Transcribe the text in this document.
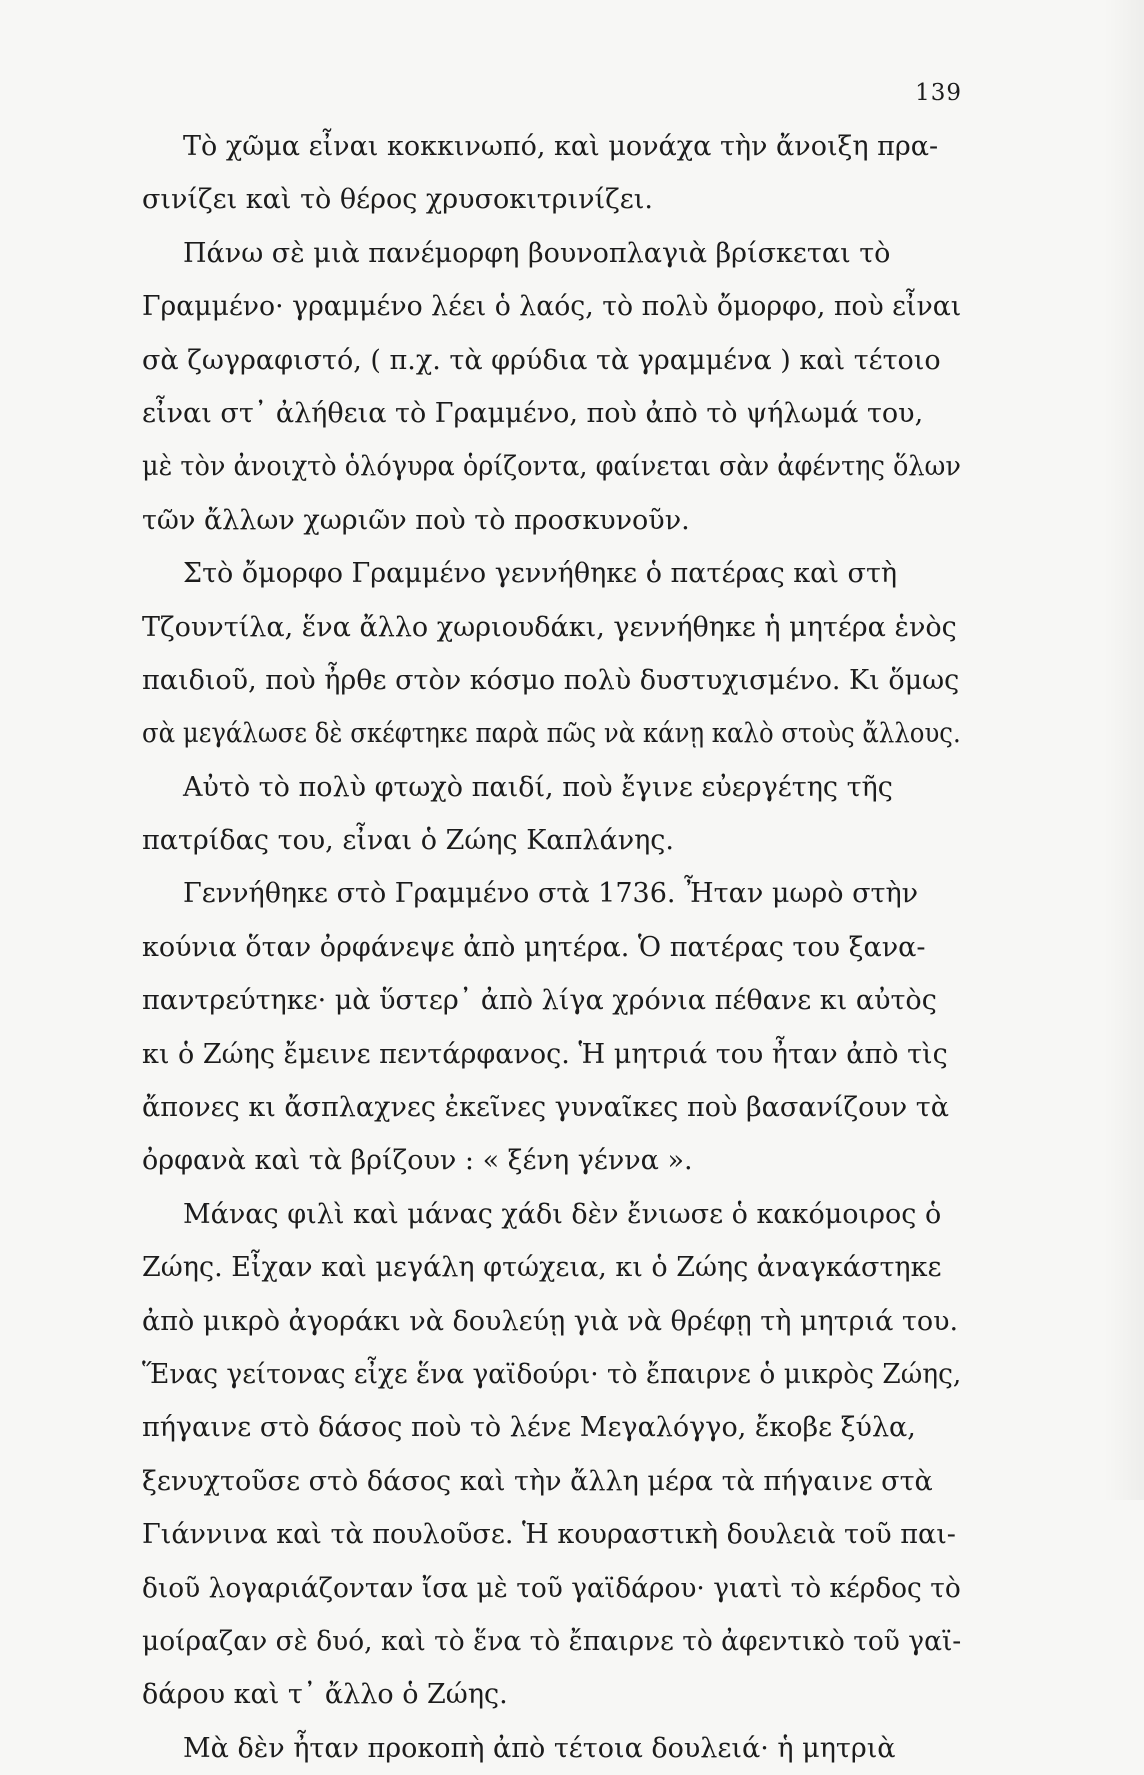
139
Τὸ χῶμα εἶναι κοκκινωπό, καὶ μονάχα τὴν ἄνοιξη πρα-
σινίζει καὶ τὸ θέρος χρυσοκιτρινίζει.
Πάνω σὲ μιὰ πανέμορφη βουνοπλαγιὰ βρίσκεται τὸ
Γραμμένο· γραμμένο λέει ὁ λαός, τὸ πολὺ ὄμορφο, ποὺ εἶναι
σὰ ζωγραφιστό, ( π.χ. τὰ φρύδια τὰ γραμμένα ) καὶ τέτοιο
εἶναι στ᾽ ἀλήθεια τὸ Γραμμένο, ποὺ ἀπὸ τὸ ψήλωμά του,
μὲ τὸν ἀνοιχτὸ ὁλόγυρα ὁρίζοντα, φαίνεται σὰν ἀφέντης ὅλων
τῶν ἄλλων χωριῶν ποὺ τὸ προσκυνοῦν.
Στὸ ὄμορφο Γραμμένο γεννήθηκε ὁ πατέρας καὶ στὴ
Τζουντίλα, ἕνα ἄλλο χωριουδάκι, γεννήθηκε ἡ μητέρα ἑνὸς
παιδιοῦ, ποὺ ἦρθε στὸν κόσμο πολὺ δυστυχισμένο. Κι ὅμως
σὰ μεγάλωσε δὲ σκέφτηκε παρὰ πῶς νὰ κάνῃ καλὸ στοὺς ἄλλους.
Αὐτὸ τὸ πολὺ φτωχὸ παιδί, ποὺ ἔγινε εὐεργέτης τῆς
πατρίδας του, εἶναι ὁ Ζώης Καπλάνης.
Γεννήθηκε στὸ Γραμμένο στὰ 1736. Ἦταν μωρὸ στὴν
κούνια ὅταν ὀρφάνεψε ἀπὸ μητέρα. Ὁ πατέρας του ξανα-
παντρεύτηκε· μὰ ὕστερ᾽ ἀπὸ λίγα χρόνια πέθανε κι αὐτὸς
κι ὁ Ζώης ἔμεινε πεντάρφανος. Ἡ μητριά του ἦταν ἀπὸ τὶς
ἄπονες κι ἄσπλαχνες ἐκεῖνες γυναῖκες ποὺ βασανίζουν τὰ
ὀρφανὰ καὶ τὰ βρίζουν : « ξένη γέννα ».
Μάνας φιλὶ καὶ μάνας χάδι δὲν ἔνιωσε ὁ κακόμοιρος ὁ
Ζώης. Εἶχαν καὶ μεγάλη φτώχεια, κι ὁ Ζώης ἀναγκάστηκε
ἀπὸ μικρὸ ἀγοράκι νὰ δουλεύῃ γιὰ νὰ θρέφῃ τὴ μητριά του.
Ἕνας γείτονας εἶχε ἕνα γαϊδούρι· τὸ ἔπαιρνε ὁ μικρὸς Ζώης,
πήγαινε στὸ δάσος ποὺ τὸ λένε Μεγαλόγγο, ἔκοβε ξύλα,
ξενυχτοῦσε στὸ δάσος καὶ τὴν ἄλλη μέρα τὰ πήγαινε στὰ
Γιάννινα καὶ τὰ πουλοῦσε. Ἡ κουραστικὴ δουλειὰ τοῦ παι-
διοῦ λογαριάζονταν ἴσα μὲ τοῦ γαϊδάρου· γιατὶ τὸ κέρδος τὸ
μοίραζαν σὲ δυό, καὶ τὸ ἕνα τὸ ἔπαιρνε τὸ ἀφεντικὸ τοῦ γαϊ-
δάρου καὶ τ᾽ ἄλλο ὁ Ζώης.
Μὰ δὲν ἦταν προκοπὴ ἀπὸ τέτοια δουλειά· ἡ μητριὰ
